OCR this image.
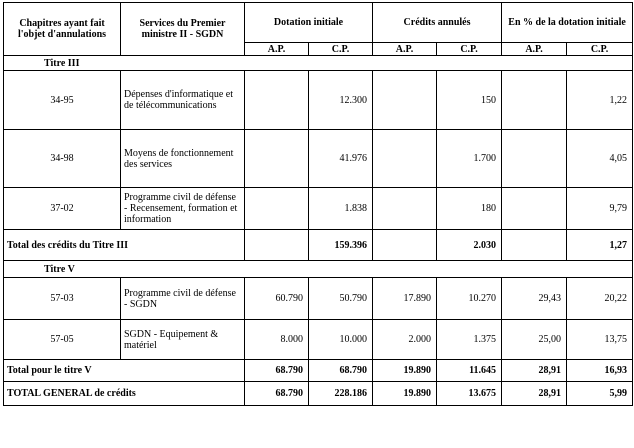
Chapitres ayant fait l'objet d'annulations	Services du Premier ministre II - SGDN	Dotation initiale		Crédits annulés		En % de la dotation initiale	
		A.P.	C.P.	A.P.	C.P.	A.P.	C.P.
Titre III							
34-95	Dépenses d'informatique et de télécommunications		12.300		150		1,22
34-98	Moyens de fonctionnement des services		41.976		1.700		4,05
37-02	Programme civil de défense - Recensement, formation et information		1.838		180		9,79
Total des crédits du Titre III			159.396		2.030		1,27
Titre V							
57-03	Programme civil de défense - SGDN	60.790	50.790	17.890	10.270	29,43	20,22
57-05	SGDN - Equipement & matériel	8.000	10.000	2.000	1.375	25,00	13,75
Total pour le titre V		68.790	68.790	19.890	11.645	28,91	16,93
TOTAL GENERAL de crédits		68.790	228.186	19.890	13.675	28,91	5,99
